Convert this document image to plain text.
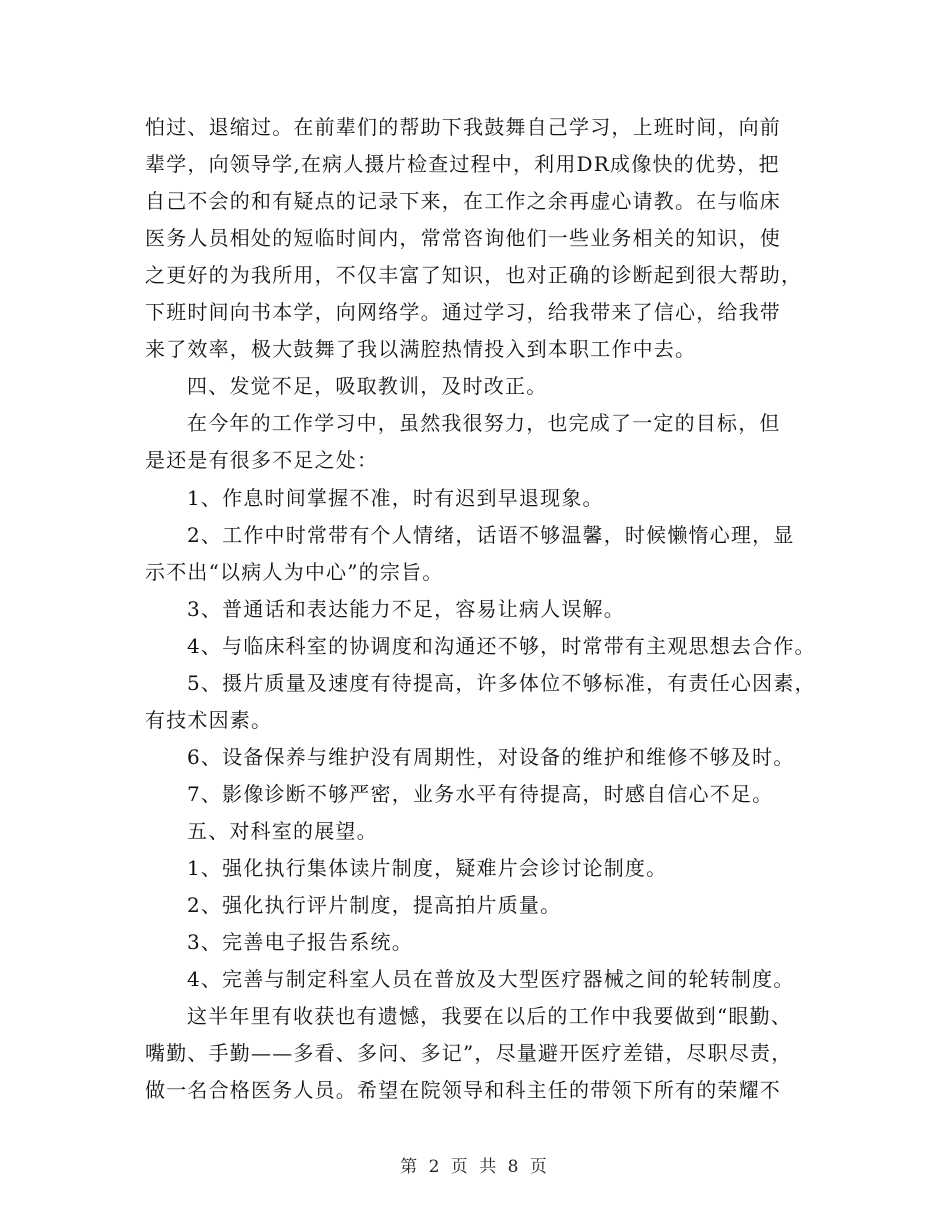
怕过、退缩过。在前辈们的帮助下我鼓舞自己学习，上班时间，向前
辈学，向领导学,在病人摄片检查过程中，利用DR成像快的优势，把
自己不会的和有疑点的记录下来，在工作之余再虚心请教。在与临床
医务人员相处的短临时间内，常常咨询他们一些业务相关的知识，使
之更好的为我所用，不仅丰富了知识，也对正确的诊断起到很大帮助，
下班时间向书本学，向网络学。通过学习，给我带来了信心，给我带
来了效率，极大鼓舞了我以满腔热情投入到本职工作中去。
四、发觉不足，吸取教训，及时改正。
在今年的工作学习中，虽然我很努力，也完成了一定的目标，但
是还是有很多不足之处：
1、作息时间掌握不准，时有迟到早退现象。
2、工作中时常带有个人情绪，话语不够温馨，时候懒惰心理，显
示不出“以病人为中心”的宗旨。
3、普通话和表达能力不足，容易让病人误解。
4、与临床科室的协调度和沟通还不够，时常带有主观思想去合作。
5、摄片质量及速度有待提高，许多体位不够标准，有责任心因素，
有技术因素。
6、设备保养与维护没有周期性，对设备的维护和维修不够及时。
7、影像诊断不够严密，业务水平有待提高，时感自信心不足。
五、对科室的展望。
1、强化执行集体读片制度，疑难片会诊讨论制度。
2、强化执行评片制度，提高拍片质量。
3、完善电子报告系统。
4、完善与制定科室人员在普放及大型医疗器械之间的轮转制度。
这半年里有收获也有遗憾，我要在以后的工作中我要做到“眼勤、
嘴勤、手勤——多看、多问、多记”，尽量避开医疗差错，尽职尽责，
做一名合格医务人员。希望在院领导和科主任的带领下所有的荣耀不
第 2 页 共 8 页
